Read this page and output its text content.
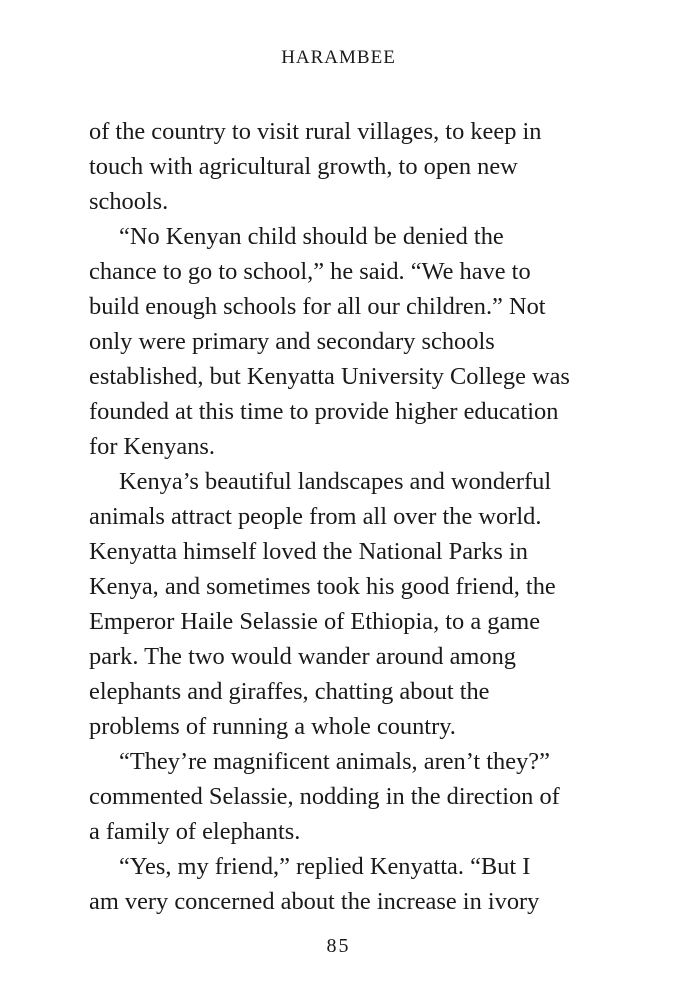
HARAMBEE
of the country to visit rural villages, to keep in
touch with agricultural growth, to open new
schools.
“No Kenyan child should be denied the
chance to go to school,” he said. “We have to
build enough schools for all our children.” Not
only were primary and secondary schools
established, but Kenyatta University College was
founded at this time to provide higher education
for Kenyans.
Kenya’s beautiful landscapes and wonderful
animals attract people from all over the world.
Kenyatta himself loved the National Parks in
Kenya, and sometimes took his good friend, the
Emperor Haile Selassie of Ethiopia, to a game
park. The two would wander around among
elephants and giraffes, chatting about the
problems of running a whole country.
“They’re magnificent animals, aren’t they?”
commented Selassie, nodding in the direction of
a family of elephants.
“Yes, my friend,” replied Kenyatta. “But I
am very concerned about the increase in ivory
85
